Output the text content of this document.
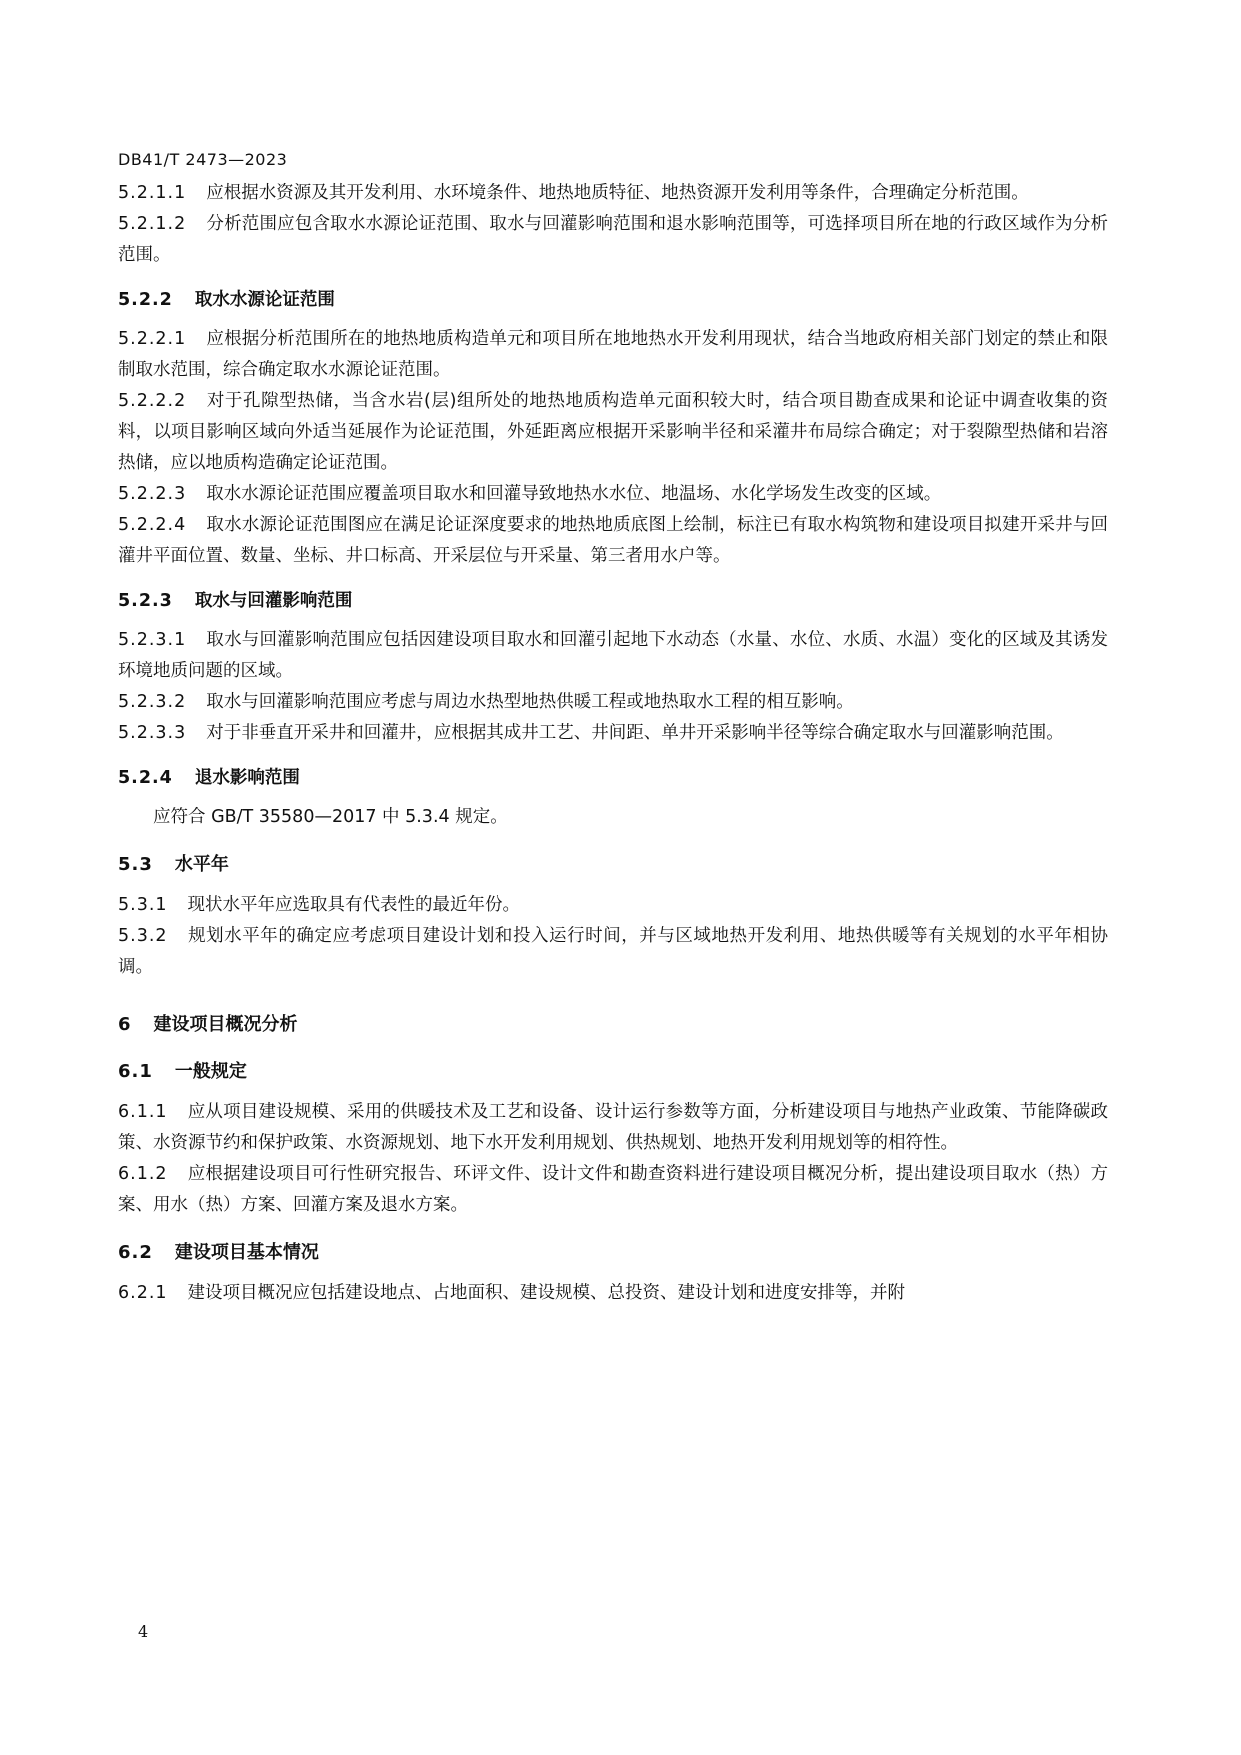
DB41/T 2473—2023
5.2.1.1 应根据水资源及其开发利用、水环境条件、地热地质特征、地热资源开发利用等条件，合理确定分析范围。
5.2.1.2 分析范围应包含取水水源论证范围、取水与回灌影响范围和退水影响范围等，可选择项目所在地的行政区域作为分析范围。
5.2.2 取水水源论证范围
5.2.2.1 应根据分析范围所在的地热地质构造单元和项目所在地地热水开发利用现状，结合当地政府相关部门划定的禁止和限制取水范围，综合确定取水水源论证范围。
5.2.2.2 对于孔隙型热储，当含水岩(层)组所处的地热地质构造单元面积较大时，结合项目勘查成果和论证中调查收集的资料，以项目影响区域向外适当延展作为论证范围，外延距离应根据开采影响半径和采灌井布局综合确定；对于裂隙型热储和岩溶热储，应以地质构造确定论证范围。
5.2.2.3 取水水源论证范围应覆盖项目取水和回灌导致地热水水位、地温场、水化学场发生改变的区域。
5.2.2.4 取水水源论证范围图应在满足论证深度要求的地热地质底图上绘制，标注已有取水构筑物和建设项目拟建开采井与回灌井平面位置、数量、坐标、井口标高、开采层位与开采量、第三者用水户等。
5.2.3 取水与回灌影响范围
5.2.3.1 取水与回灌影响范围应包括因建设项目取水和回灌引起地下水动态（水量、水位、水质、水温）变化的区域及其诱发环境地质问题的区域。
5.2.3.2 取水与回灌影响范围应考虑与周边水热型地热供暖工程或地热取水工程的相互影响。
5.2.3.3 对于非垂直开采井和回灌井，应根据其成井工艺、井间距、单井开采影响半径等综合确定取水与回灌影响范围。
5.2.4 退水影响范围
应符合 GB/T 35580—2017 中 5.3.4 规定。
5.3 水平年
5.3.1 现状水平年应选取具有代表性的最近年份。
5.3.2 规划水平年的确定应考虑项目建设计划和投入运行时间，并与区域地热开发利用、地热供暖等有关规划的水平年相协调。
6 建设项目概况分析
6.1 一般规定
6.1.1 应从项目建设规模、采用的供暖技术及工艺和设备、设计运行参数等方面，分析建设项目与地热产业政策、节能降碳政策、水资源节约和保护政策、水资源规划、地下水开发利用规划、供热规划、地热开发利用规划等的相符性。
6.1.2 应根据建设项目可行性研究报告、环评文件、设计文件和勘查资料进行建设项目概况分析，提出建设项目取水（热）方案、用水（热）方案、回灌方案及退水方案。
6.2 建设项目基本情况
6.2.1 建设项目概况应包括建设地点、占地面积、建设规模、总投资、建设计划和进度安排等，并附
4
